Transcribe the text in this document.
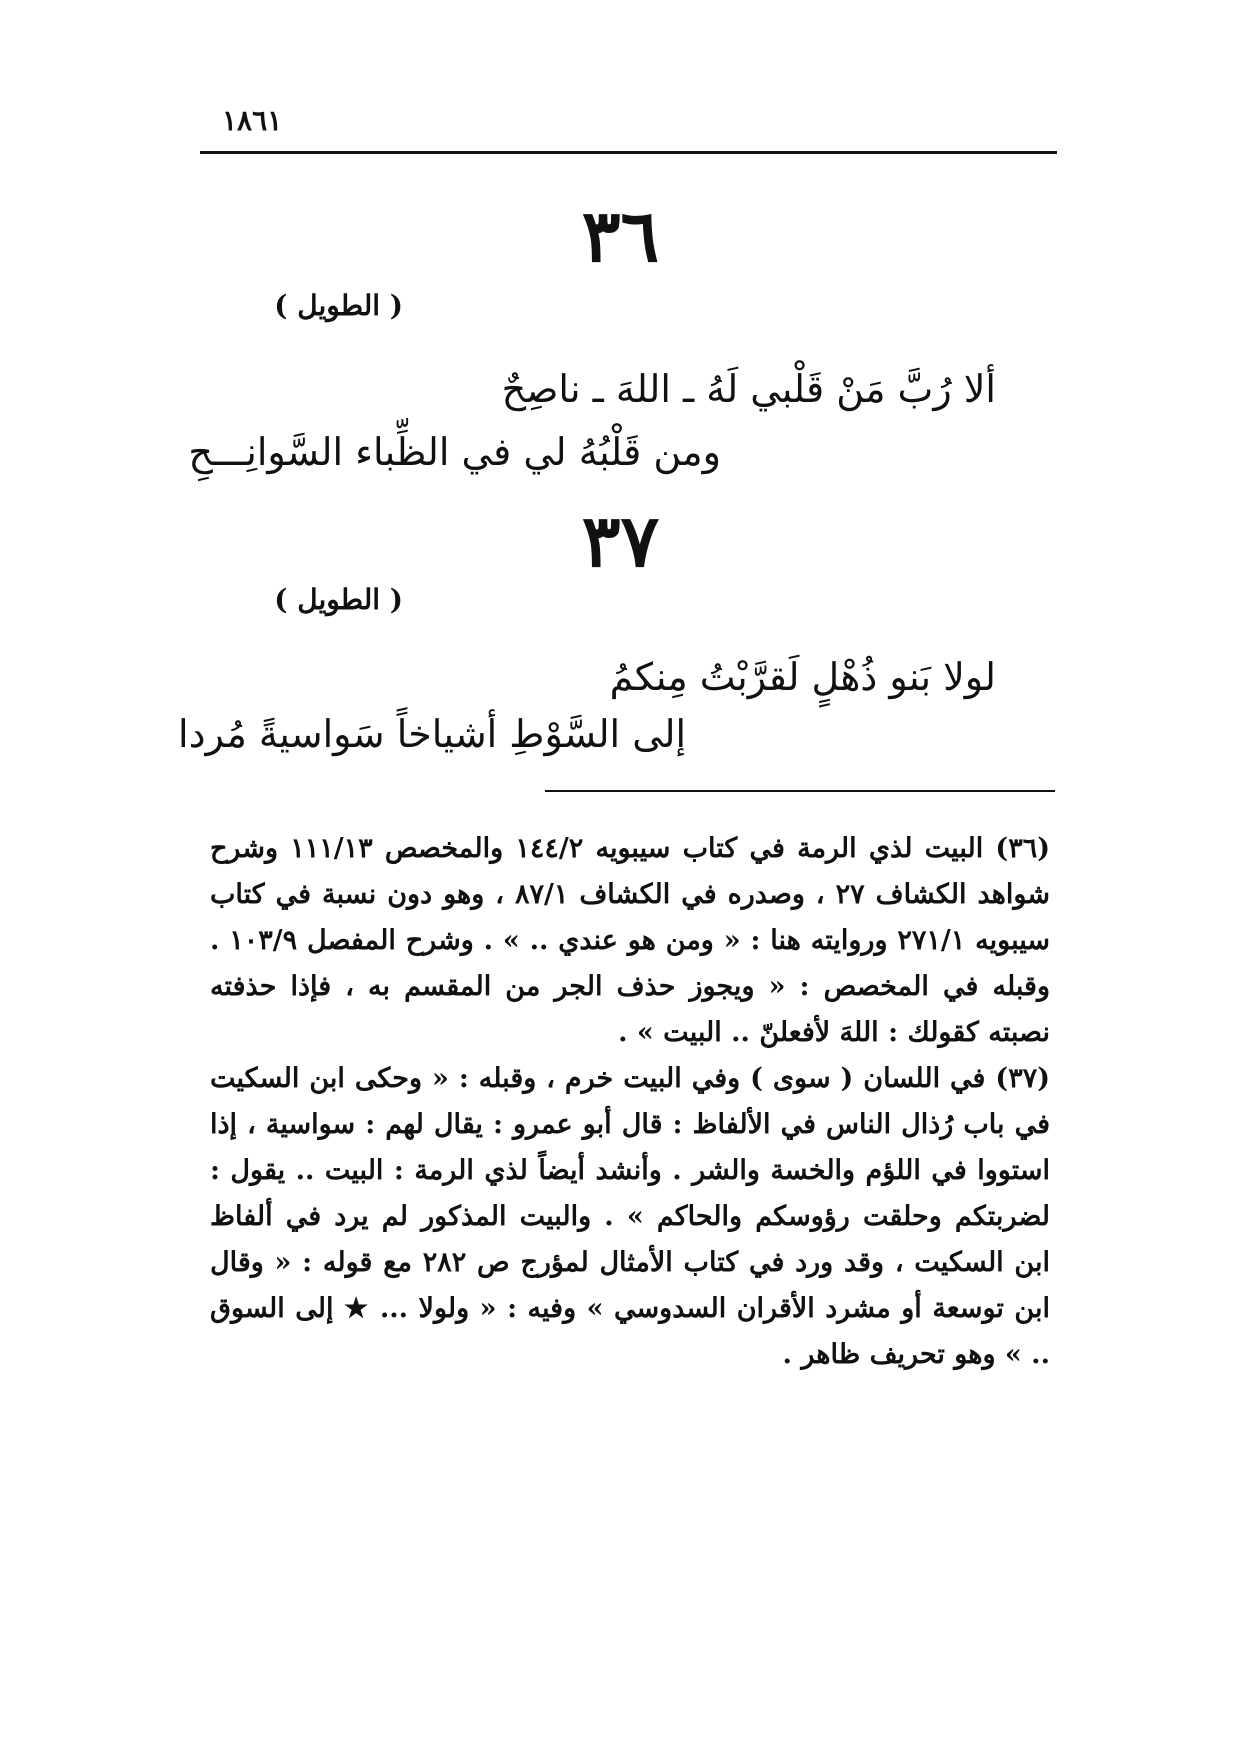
١٨٦١
٣٦
( الطويل )
ألا رُبَّ مَنْ قَلْبي لَهُ ـ اللهَ ـ ناصِحٌ
ومن قَلْبُهُ لي في الظِّباء السَّوانِـــحِ
٣٧
( الطويل )
لولا بَنو ذُهْلٍ لَقرَّبْتُ مِنكمُ
إلى السَّوْطِ أشياخاً سَواسيةً مُردا

(٣٦) البيت لذي الرمة في كتاب سيبويه ١٤٤/٢ والمخصص ١١١/١٣ وشرح شواهد الكشاف ٢٧ ، وصدره في الكشاف ٨٧/١ ، وهو دون نسبة في كتاب سيبويه ٢٧١/١ وروايته هنا : « ومن هو عندي .. » . وشرح المفصل ١٠٣/٩ . وقبله في المخصص : « ويجوز حذف الجر من المقسم به ، فإذا حذفته نصبته كقولك : اللهَ لأفعلنّ .. البيت » .

(٣٧) في اللسان ( سوى ) وفي البيت خرم ، وقبله : « وحكى ابن السكيت في باب رُذال الناس في الألفاظ : قال أبو عمرو : يقال لهم : سواسية ، إذا استووا في اللؤم والخسة والشر . وأنشد أيضاً لذي الرمة : البيت .. يقول : لضربتكم وحلقت رؤوسكم والحاكم » . والبيت المذكور لم يرد في ألفاظ ابن السكيت ، وقد ورد في كتاب الأمثال لمؤرج ص ٢٨٢ مع قوله : « وقال ابن توسعة أو مشرد الأقران السدوسي » وفيه : « ولولا ... ★ إلى السوق .. » وهو تحريف ظاهر .
